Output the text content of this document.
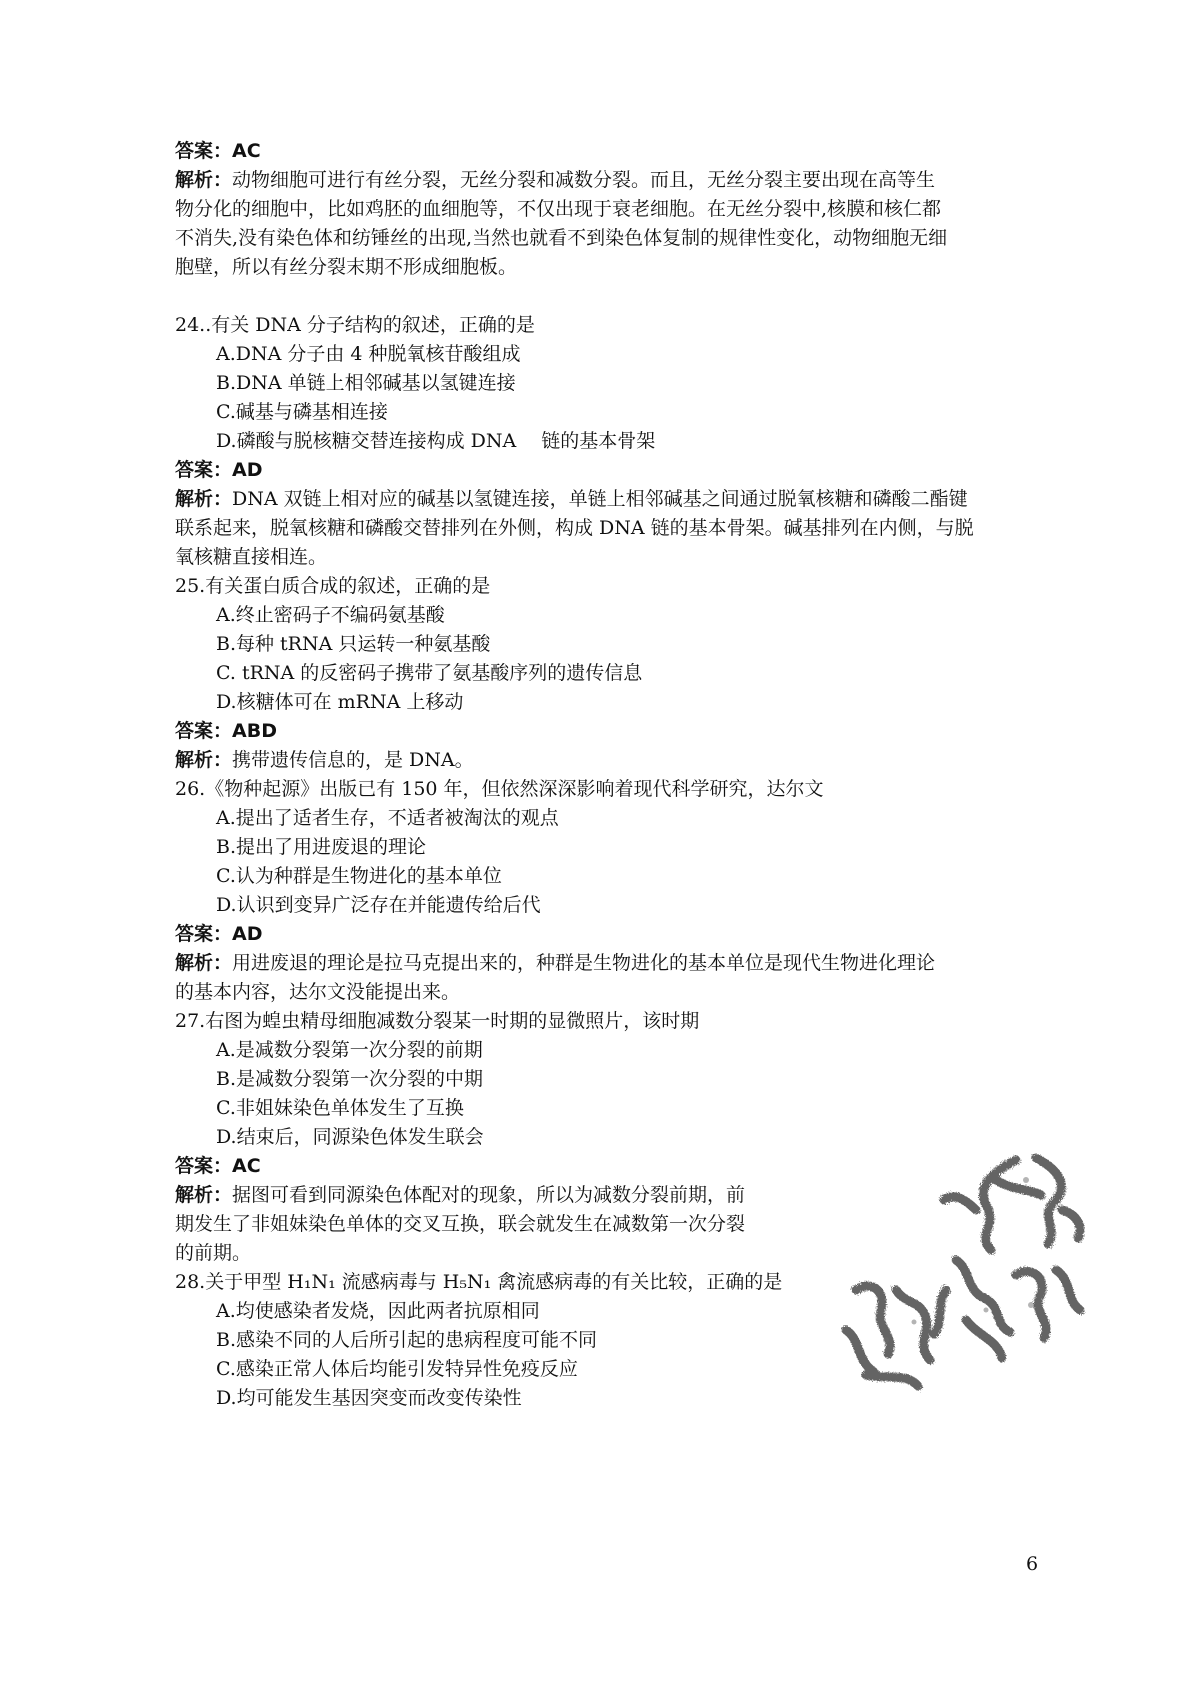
答案：AC
解析：动物细胞可进行有丝分裂，无丝分裂和减数分裂。而且，无丝分裂主要出现在高等生
物分化的细胞中，比如鸡胚的血细胞等，不仅出现于衰老细胞。在无丝分裂中,核膜和核仁都
不消失,没有染色体和纺锤丝的出现,当然也就看不到染色体复制的规律性变化，动物细胞无细
胞壁，所以有丝分裂末期不形成细胞板。
24..有关 DNA 分子结构的叙述，正确的是
A.DNA 分子由 4 种脱氧核苷酸组成
B.DNA 单链上相邻碱基以氢键连接
C.碱基与磷基相连接
D.磷酸与脱核糖交替连接构成 DNA　 链的基本骨架
答案：AD
解析：DNA 双链上相对应的碱基以氢键连接，单链上相邻碱基之间通过脱氧核糖和磷酸二酯键
联系起来，脱氧核糖和磷酸交替排列在外侧，构成 DNA 链的基本骨架。碱基排列在内侧，与脱
氧核糖直接相连。
25.有关蛋白质合成的叙述，正确的是
A.终止密码子不编码氨基酸
B.每种 tRNA 只运转一种氨基酸
C. tRNA 的反密码子携带了氨基酸序列的遗传信息
D.核糖体可在 mRNA 上移动
答案：ABD
解析：携带遗传信息的，是 DNA。
26.《物种起源》出版已有 150 年，但依然深深影响着现代科学研究，达尔文
A.提出了适者生存，不适者被淘汰的观点
B.提出了用进废退的理论
C.认为种群是生物进化的基本单位
D.认识到变异广泛存在并能遗传给后代
答案：AD
解析：用进废退的理论是拉马克提出来的，种群是生物进化的基本单位是现代生物进化理论
的基本内容，达尔文没能提出来。
27.右图为蝗虫精母细胞减数分裂某一时期的显微照片，该时期
A.是减数分裂第一次分裂的前期
B.是减数分裂第一次分裂的中期
C.非姐妹染色单体发生了互换
D.结束后，同源染色体发生联会
答案：AC
解析：据图可看到同源染色体配对的现象，所以为减数分裂前期，前
期发生了非姐妹染色单体的交叉互换，联会就发生在减数第一次分裂
的前期。
28.关于甲型 H₁N₁ 流感病毒与 H₅N₁ 禽流感病毒的有关比较，正确的是
A.均使感染者发烧，因此两者抗原相同
B.感染不同的人后所引起的患病程度可能不同
C.感染正常人体后均能引发特异性免疫反应
D.均可能发生基因突变而改变传染性
6
